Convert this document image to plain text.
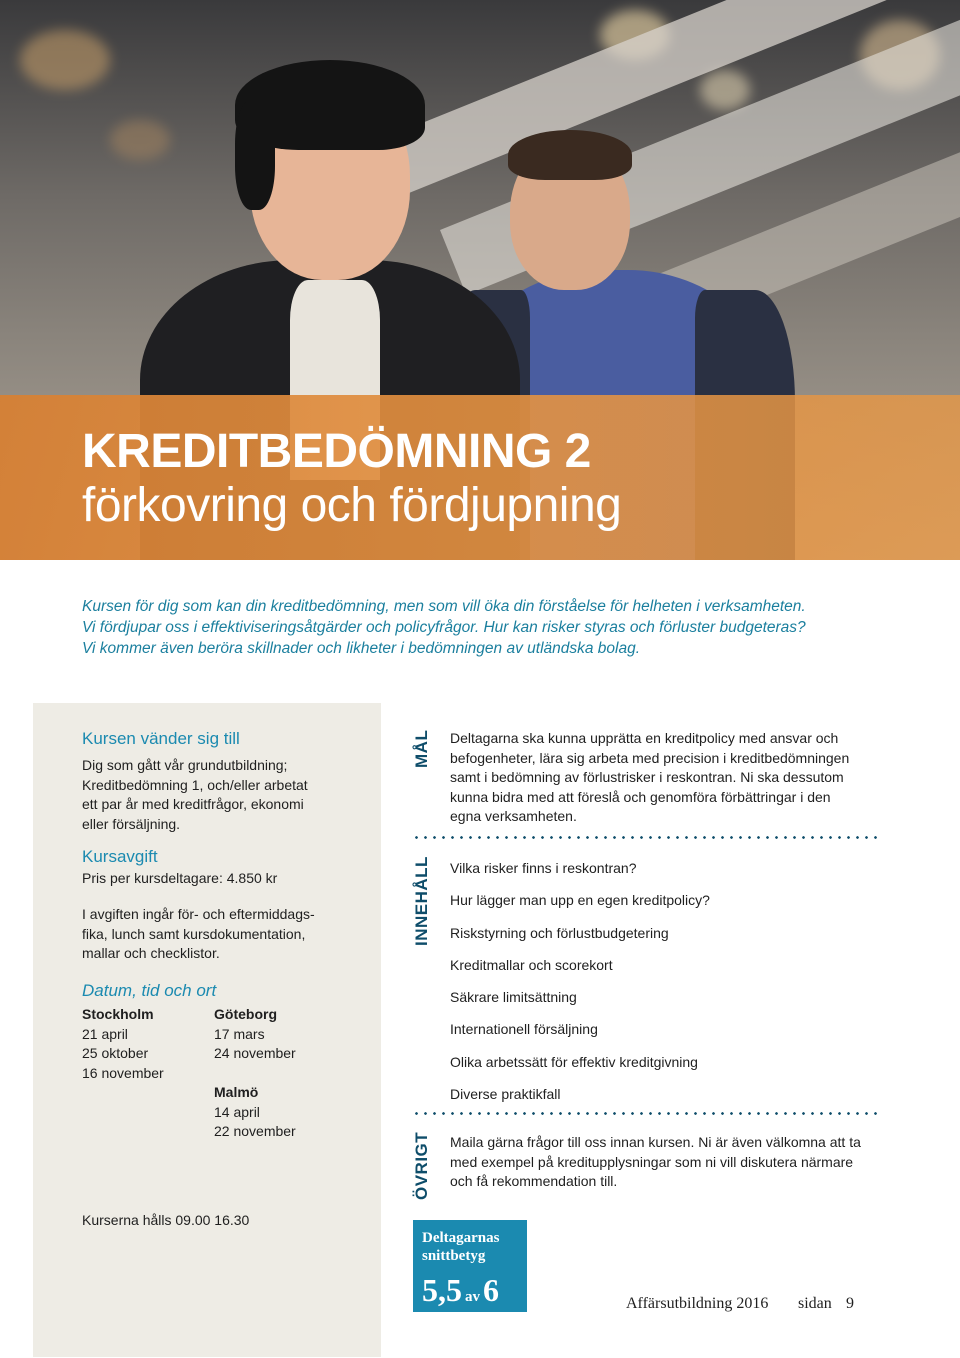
KREDITBEDÖMNING 2
förkovring och fördjupning

Kursen för dig som kan din kreditbedömning, men som vill öka din förståelse för helheten i verksamheten.

Vi fördjupar oss i effektiviseringsåtgärder och policyfrågor. Hur kan risker styras och förluster budgeteras?

Vi kommer även beröra skillnader och likheter i bedömningen av utländska bolag.

Kursen vänder sig till
Dig som gått vår grundutbildning;
Kreditbedömning 1, och/eller arbetat
ett par år med kreditfrågor, ekonomi
eller försäljning.
Kursavgift
Pris per kursdeltagare: 4.850 kr
I avgiften ingår för- och eftermiddags-
fika, lunch samt kursdokumentation,
mallar och checklistor.
Datum, tid och ort
Stockholm
21 april
25 oktober
16 november
Göteborg
17 mars
24 november
Malmö
14 april
22 november
Kurserna hålls 09.00 16.30
MÅL Deltagarna ska kunna upprätta en kreditpolicy med ansvar och
befogenheter, lära sig arbeta med precision i kreditbedömningen
samt i bedömning av förlustrisker i reskontran. Ni ska dessutom
kunna bidra med att föreslå och genomföra förbättringar i den
egna verksamheten.
INNEHÅLL Vilka risker finns i reskontran?
Hur lägger man upp en egen kreditpolicy?
Riskstyrning och förlustbudgetering
Kreditmallar och scorekort
Säkrare limitsättning
Internationell försäljning
Olika arbetssätt för effektiv kreditgivning
Diverse praktikfall
ÖVRIGT Maila gärna frågor till oss innan kursen. Ni är även välkomna att ta
med exempel på kreditupplysningar som ni vill diskutera närmare
och få rekommendation till.
Deltagarnas
snittbetyg
5,5 av6	Affärsutbildning 2016 sidan 9
